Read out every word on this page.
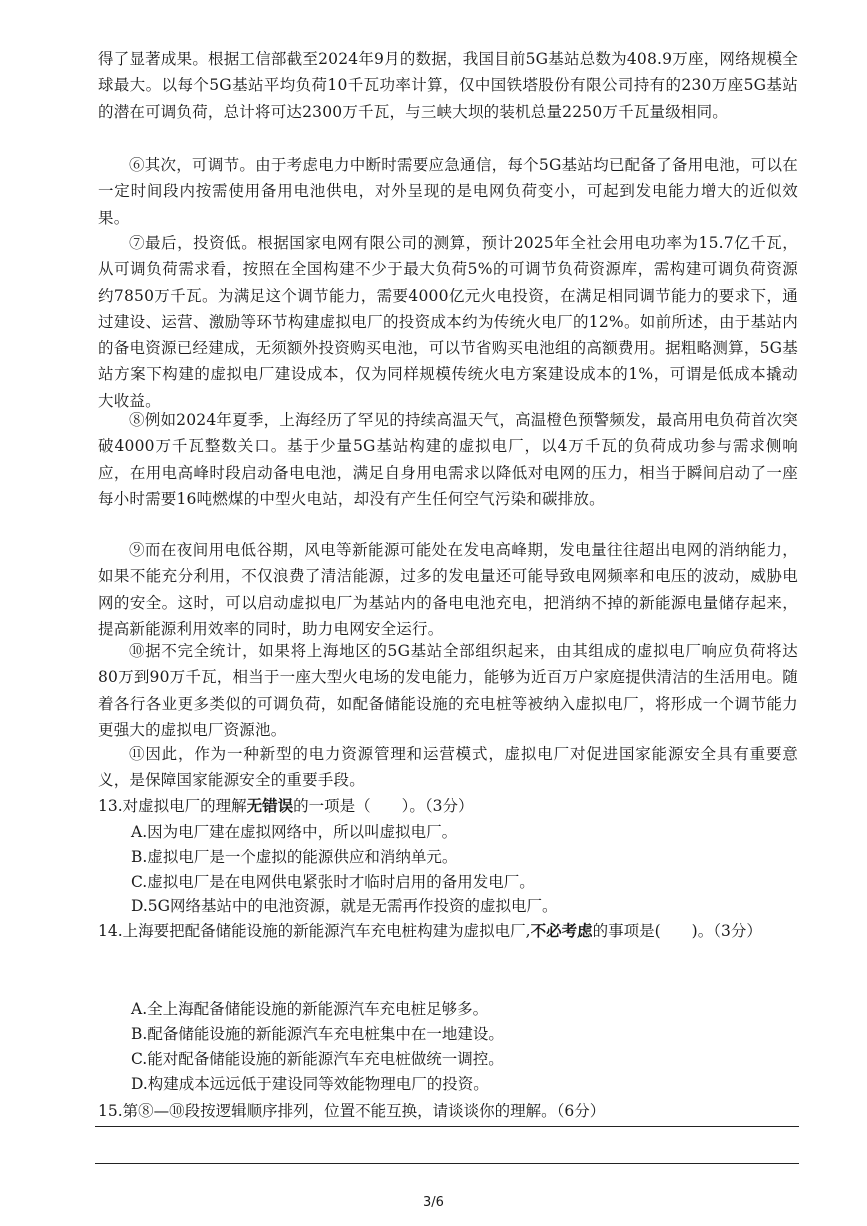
得了显著成果。根据工信部截至2024年9月的数据，我国目前5G基站总数为408.9万座，网络规模全球最大。以每个5G基站平均负荷10千瓦功率计算，仅中国铁塔股份有限公司持有的230万座5G基站的潜在可调负荷，总计将可达2300万千瓦，与三峡大坝的装机总量2250万千瓦量级相同。

⑥其次，可调节。由于考虑电力中断时需要应急通信，每个5G基站均已配备了备用电池，可以在一定时间段内按需使用备用电池供电，对外呈现的是电网负荷变小，可起到发电能力增大的近似效果。

⑦最后，投资低。根据国家电网有限公司的测算，预计2025年全社会用电功率为15.7亿千瓦，从可调负荷需求看，按照在全国构建不少于最大负荷5%的可调节负荷资源库，需构建可调负荷资源约7850万千瓦。为满足这个调节能力，需要4000亿元火电投资，在满足相同调节能力的要求下，通过建设、运营、激励等环节构建虚拟电厂的投资成本约为传统火电厂的12%。如前所述，由于基站内的备电资源已经建成，无须额外投资购买电池，可以节省购买电池组的高额费用。据粗略测算，5G基站方案下构建的虚拟电厂建设成本，仅为同样规模传统火电方案建设成本的1%，可谓是低成本撬动大收益。

⑧例如2024年夏季，上海经历了罕见的持续高温天气，高温橙色预警频发，最高用电负荷首次突破4000万千瓦整数关口。基于少量5G基站构建的虚拟电厂，以4万千瓦的负荷成功参与需求侧响应，在用电高峰时段启动备电电池，满足自身用电需求以降低对电网的压力，相当于瞬间启动了一座每小时需要16吨燃煤的中型火电站，却没有产生任何空气污染和碳排放。

⑨而在夜间用电低谷期，风电等新能源可能处在发电高峰期，发电量往往超出电网的消纳能力，如果不能充分利用，不仅浪费了清洁能源，过多的发电量还可能导致电网频率和电压的波动，威胁电网的安全。这时，可以启动虚拟电厂为基站内的备电电池充电，把消纳不掉的新能源电量储存起来，提高新能源利用效率的同时，助力电网安全运行。

⑩据不完全统计，如果将上海地区的5G基站全部组织起来，由其组成的虚拟电厂响应负荷将达80万到90万千瓦，相当于一座大型火电场的发电能力，能够为近百万户家庭提供清洁的生活用电。随着各行各业更多类似的可调负荷，如配备储能设施的充电桩等被纳入虚拟电厂，将形成一个调节能力更强大的虚拟电厂资源池。

⑪因此，作为一种新型的电力资源管理和运营模式，虚拟电厂对促进国家能源安全具有重要意义，是保障国家能源安全的重要手段。

13.对虚拟电厂的理解无错误的一项是（　　）。（3分）

A.因为电厂建在虚拟网络中，所以叫虚拟电厂。

B.虚拟电厂是一个虚拟的能源供应和消纳单元。

C.虚拟电厂是在电网供电紧张时才临时启用的备用发电厂。

D.5G网络基站中的电池资源，就是无需再作投资的虚拟电厂。

14.上海要把配备储能设施的新能源汽车充电桩构建为虚拟电厂,不必考虑的事项是(　　)。（3分）

A.全上海配备储能设施的新能源汽车充电桩足够多。

B.配备储能设施的新能源汽车充电桩集中在一地建设。

C.能对配备储能设施的新能源汽车充电桩做统一调控。

D.构建成本远远低于建设同等效能物理电厂的投资。

15.第⑧—⑩段按逻辑顺序排列，位置不能互换，请谈谈你的理解。（6分）

3/6
